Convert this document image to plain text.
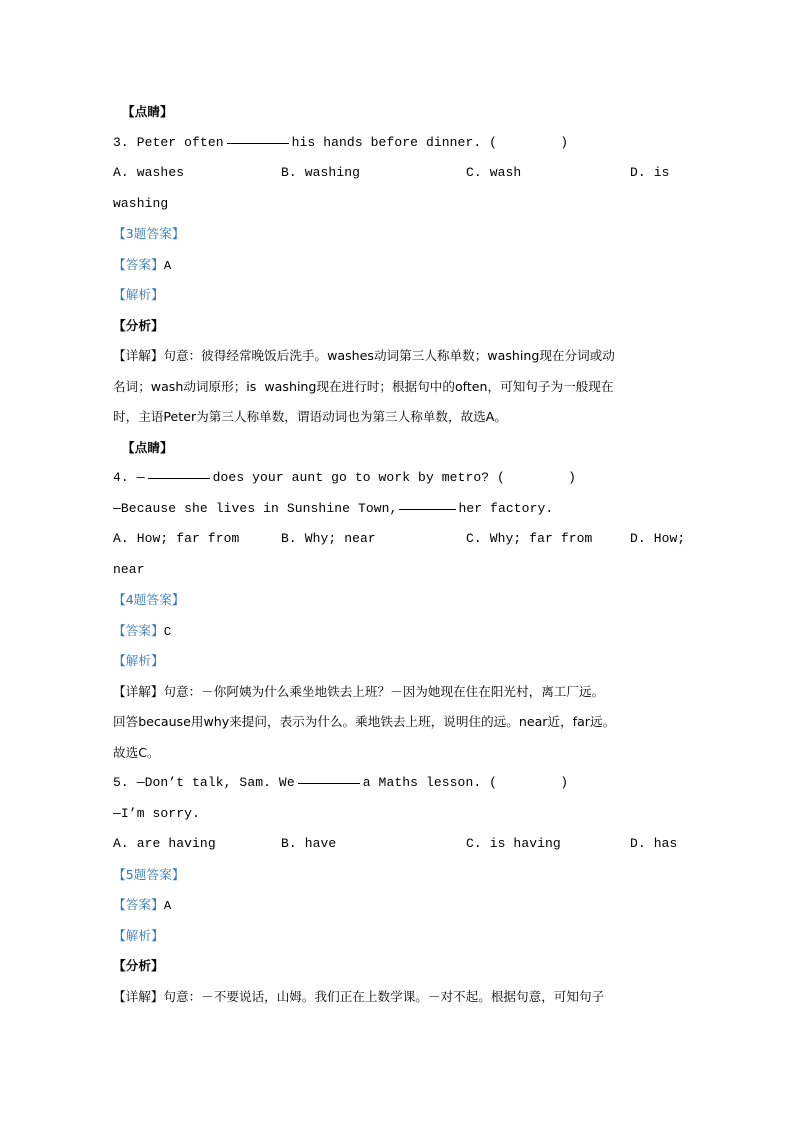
【点睛】
3. Peter often	his hands before dinner. (        )
A. washes	B. washing	C. wash	D. is
washing
【3题答案】
【答案】A
【解析】
【分析】
【详解】句意：彼得经常晚饭后洗手。washes动词第三人称单数；washing现在分词或动
名词；wash动词原形；is  washing现在进行时；根据句中的often，可知句子为一般现在
时，主语Peter为第三人称单数，谓语动词也为第三人称单数，故选A。
【点睛】
4. —	does your aunt go to work by metro? (        )
—Because she lives in Sunshine Town,	her factory.
A. How; far from	B. Why; near	C. Why; far from	D. How;
near
【4题答案】
【答案】C
【解析】
【详解】句意：－你阿姨为什么乘坐地铁去上班？－因为她现在住在阳光村，离工厂远。
回答because用why来提问，表示为什么。乘地铁去上班，说明住的远。near近，far远。
故选C。
5. —Don’t talk, Sam. We	a Maths lesson. (        )
—I’m sorry.
A. are having	B. have	C. is having	D. has
【5题答案】
【答案】A
【解析】
【分析】
【详解】句意：－不要说话，山姆。我们正在上数学课。－对不起。根据句意，可知句子
